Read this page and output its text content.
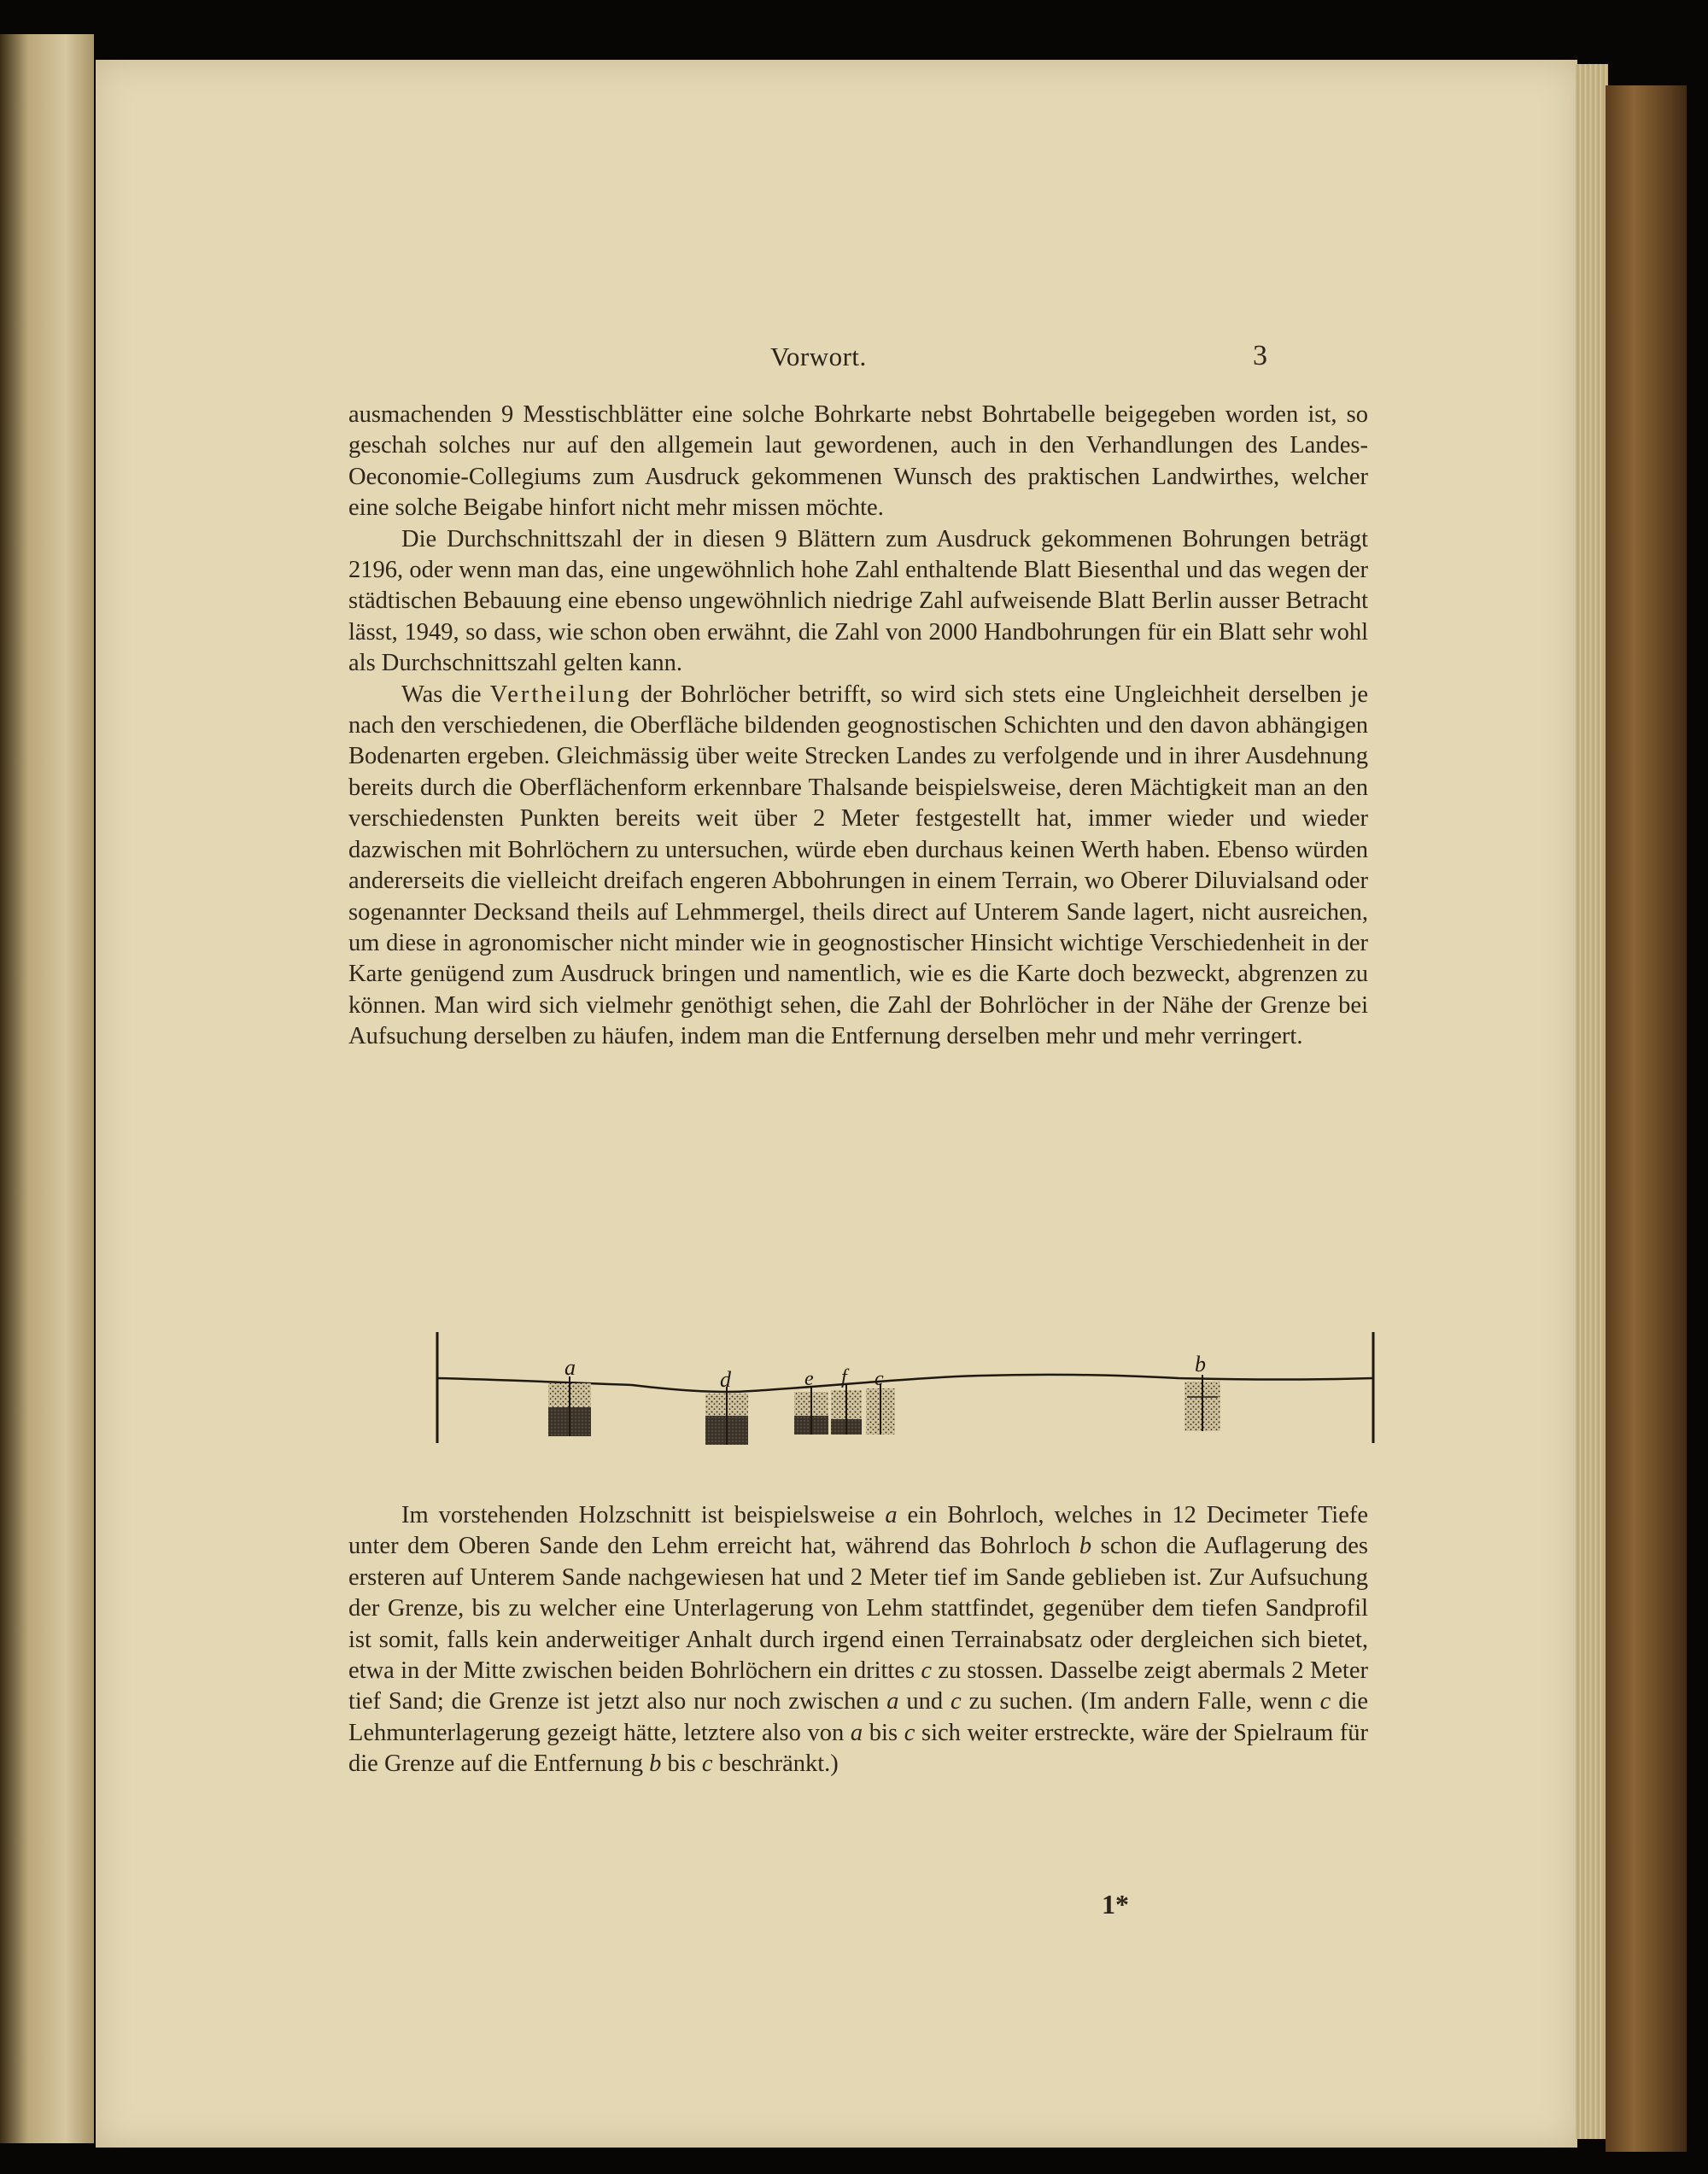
Vorwort.	3

ausmachenden 9 Messtischblätter eine solche Bohrkarte nebst Bohrtabelle beigegeben worden ist, so geschah solches nur auf den allgemein laut gewordenen, auch in den Verhandlungen des Landes-Oeconomie-Collegiums zum Ausdruck gekommenen Wunsch des praktischen Landwirthes, welcher eine solche Beigabe hinfort nicht mehr missen möchte.

Die Durchschnittszahl der in diesen 9 Blättern zum Ausdruck gekommenen Bohrungen beträgt 2196, oder wenn man das, eine ungewöhnlich hohe Zahl enthaltende Blatt Biesenthal und das wegen der städtischen Bebauung eine ebenso ungewöhnlich niedrige Zahl aufweisende Blatt Berlin ausser Betracht lässt, 1949, so dass, wie schon oben erwähnt, die Zahl von 2000 Handbohrungen für ein Blatt sehr wohl als Durchschnittszahl gelten kann.

Was die Vertheilung der Bohrlöcher betrifft, so wird sich stets eine Ungleichheit derselben je nach den verschiedenen, die Oberfläche bildenden geognostischen Schichten und den davon abhängigen Bodenarten ergeben. Gleichmässig über weite Strecken Landes zu verfolgende und in ihrer Ausdehnung bereits durch die Oberflächenform erkennbare Thalsande beispielsweise, deren Mächtigkeit man an den verschiedensten Punkten bereits weit über 2 Meter festgestellt hat, immer wieder und wieder dazwischen mit Bohrlöchern zu untersuchen, würde eben durchaus keinen Werth haben. Ebenso würden andererseits die vielleicht dreifach engeren Abbohrungen in einem Terrain, wo Oberer Diluvialsand oder sogenannter Decksand theils auf Lehmmergel, theils direct auf Unterem Sande lagert, nicht ausreichen, um diese in agronomischer nicht minder wie in geognostischer Hinsicht wichtige Verschiedenheit in der Karte genügend zum Ausdruck bringen und namentlich, wie es die Karte doch bezweckt, abgrenzen zu können. Man wird sich vielmehr genöthigt sehen, die Zahl der Bohrlöcher in der Nähe der Grenze bei Aufsuchung derselben zu häufen, indem man die Entfernung derselben mehr und mehr verringert.

a	d	e f c
b

Im vorstehenden Holzschnitt ist beispielsweise a ein Bohrloch, welches in 12 Decimeter Tiefe unter dem Oberen Sande den Lehm erreicht hat, während das Bohrloch b schon die Auflagerung des ersteren auf Unterem Sande nachgewiesen hat und 2 Meter tief im Sande geblieben ist. Zur Aufsuchung der Grenze, bis zu welcher eine Unterlagerung von Lehm stattfindet, gegenüber dem tiefen Sandprofil ist somit, falls kein anderweitiger Anhalt durch irgend einen Terrainabsatz oder dergleichen sich bietet, etwa in der Mitte zwischen beiden Bohrlöchern ein drittes c zu stossen. Dasselbe zeigt abermals 2 Meter tief Sand; die Grenze ist jetzt also nur noch zwischen a und c zu suchen. (Im andern Falle, wenn c die Lehmunterlagerung gezeigt hätte, letztere also von a bis c sich weiter erstreckte, wäre der Spielraum für die Grenze auf die Entfernung b bis c beschränkt.)

1*
